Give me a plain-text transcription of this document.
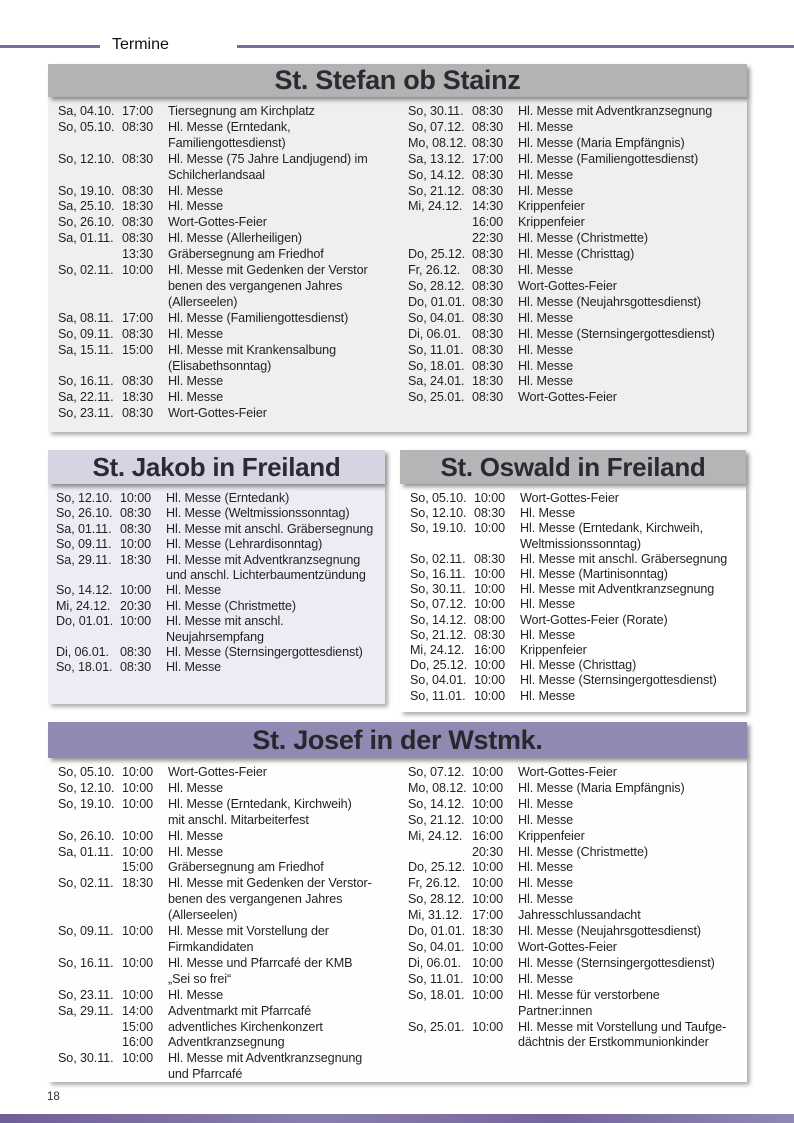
Termine
St. Stefan ob Stainz
Sa, 04.10. 17:00	Tiersegnung am Kirchplatz
So, 05.10. 08:30	Hl. Messe (Erntedank,
Familiengottesdienst)
So, 12.10. 08:30	Hl. Messe (75 Jahre Landjugend) im
Schilcherlandsaal
So, 19.10. 08:30	Hl. Messe
Sa, 25.10. 18:30	Hl. Messe
So, 26.10. 08:30	Wort-Gottes-Feier
Sa, 01.11. 08:30	Hl. Messe (Allerheiligen)
13:30	Gräbersegnung am Friedhof
So, 02.11. 10:00	Hl. Messe mit Gedenken der Verstor
benen des vergangenen Jahres
(Allerseelen)
Sa, 08.11. 17:00	Hl. Messe (Familiengottesdienst)
So, 09.11. 08:30	Hl. Messe
Sa, 15.11. 15:00	Hl. Messe mit Krankensalbung
(Elisabethsonntag)
So, 16.11. 08:30	Hl. Messe
Sa, 22.11. 18:30	Hl. Messe
So, 23.11. 08:30	Wort-Gottes-Feier
So, 30.11. 08:30	Hl. Messe mit Adventkranzsegnung
So, 07.12. 08:30	Hl. Messe
Mo, 08.12. 08:30	Hl. Messe (Maria Empfängnis)
Sa, 13.12. 17:00	Hl. Messe (Familiengottesdienst)
So, 14.12. 08:30	Hl. Messe
So, 21.12. 08:30	Hl. Messe
Mi, 24.12. 14:30	Krippenfeier
16:00	Krippenfeier
22:30	Hl. Messe (Christmette)
Do, 25.12. 08:30	Hl. Messe (Christtag)
Fr, 26.12. 08:30	Hl. Messe
So, 28.12. 08:30	Wort-Gottes-Feier
Do, 01.01. 08:30	Hl. Messe (Neujahrsgottesdienst)
So, 04.01. 08:30	Hl. Messe
Di, 06.01. 08:30	Hl. Messe (Sternsingergottesdienst)
So, 11.01. 08:30	Hl. Messe
So, 18.01. 08:30	Hl. Messe
Sa, 24.01. 18:30	Hl. Messe
So, 25.01. 08:30	Wort-Gottes-Feier
St. Jakob in Freiland
So, 12.10. 10:00	Hl. Messe (Erntedank)
So, 26.10. 08:30	Hl. Messe (Weltmissionssonntag)
Sa, 01.11. 08:30	Hl. Messe mit anschl. Gräbersegnung
So, 09.11. 10:00	Hl. Messe (Lehrardisonntag)
Sa, 29.11. 18:30	Hl. Messe mit Adventkranzsegnung
und anschl. Lichterbaumentzündung
So, 14.12. 10:00	Hl. Messe
Mi, 24.12. 20:30	Hl. Messe (Christmette)
Do, 01.01. 10:00	Hl. Messe mit anschl.
Neujahrsempfang
Di, 06.01. 08:30	Hl. Messe (Sternsingergottesdienst)
So, 18.01. 08:30	Hl. Messe
St. Oswald in Freiland
So, 05.10. 10:00	Wort-Gottes-Feier
So, 12.10. 08:30	Hl. Messe
So, 19.10. 10:00	Hl. Messe (Erntedank, Kirchweih,
Weltmissionssonntag)
So, 02.11. 08:30	Hl. Messe mit anschl. Gräbersegnung
So, 16.11. 10:00	Hl. Messe (Martinisonntag)
So, 30.11. 10:00	Hl. Messe mit Adventkranzsegnung
So, 07.12. 10:00	Hl. Messe
So, 14.12. 08:00	Wort-Gottes-Feier (Rorate)
So, 21.12. 08:30	Hl. Messe
Mi, 24.12. 16:00	Krippenfeier
Do, 25.12. 10:00	Hl. Messe (Christtag)
So, 04.01. 10:00	Hl. Messe (Sternsingergottesdienst)
So, 11.01. 10:00	Hl. Messe
St. Josef in der Wstmk.
So, 05.10. 10:00	Wort-Gottes-Feier
So, 12.10. 10:00	Hl. Messe
So, 19.10. 10:00	Hl. Messe (Erntedank, Kirchweih)
mit anschl. Mitarbeiterfest
So, 26.10. 10:00	Hl. Messe
Sa, 01.11. 10:00	Hl. Messe
15:00	Gräbersegnung am Friedhof
So, 02.11. 18:30	Hl. Messe mit Gedenken der Verstor-
benen des vergangenen Jahres
(Allerseelen)
So, 09.11. 10:00	Hl. Messe mit Vorstellung der
Firmkandidaten
So, 16.11. 10:00	Hl. Messe und Pfarrcafé der KMB
„Sei so frei“
So, 23.11. 10:00	Hl. Messe
Sa, 29.11. 14:00	Adventmarkt mit Pfarrcafé
15:00	adventliches Kirchenkonzert
16:00	Adventkranzsegnung
So, 30.11. 10:00	Hl. Messe mit Adventkranzsegnung
und Pfarrcafé
So, 07.12. 10:00	Wort-Gottes-Feier
Mo, 08.12. 10:00	Hl. Messe (Maria Empfängnis)
So, 14.12. 10:00	Hl. Messe
So, 21.12. 10:00	Hl. Messe
Mi, 24.12. 16:00	Krippenfeier
20:30	Hl. Messe (Christmette)
Do, 25.12. 10:00	Hl. Messe
Fr, 26.12. 10:00	Hl. Messe
So, 28.12. 10:00	Hl. Messe
Mi, 31.12. 17:00	Jahresschlussandacht
Do, 01.01. 18:30	Hl. Messe (Neujahrsgottesdienst)
So, 04.01. 10:00	Wort-Gottes-Feier
Di, 06.01. 10:00	Hl. Messe (Sternsingergottesdienst)
So, 11.01. 10:00	Hl. Messe
So, 18.01. 10:00	Hl. Messe für verstorbene
Partner:innen
So, 25.01. 10:00	Hl. Messe mit Vorstellung und Taufge-
dächtnis der Erstkommunionkinder
18
